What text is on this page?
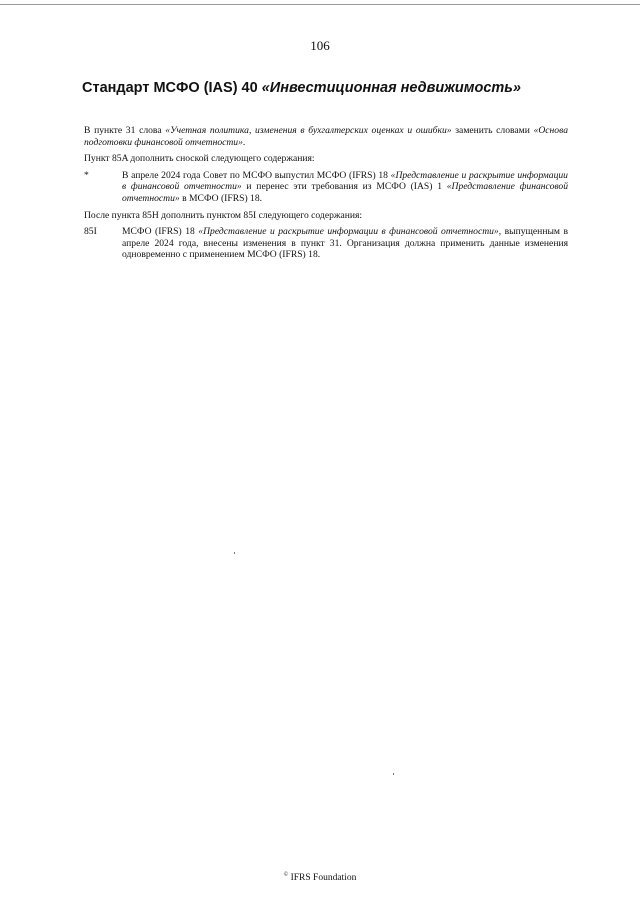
106
Стандарт МСФО (IAS) 40 «Инвестиционная недвижимость»

В пункте 31 слова «Учетная политика, изменения в бухгалтерских оценках и ошибки» заменить словами «Основа подготовки финансовой отчетности».

Пункт 85A дополнить сноской следующего содержания:

*	В апреле 2024 года Совет по МСФО выпустил МСФО (IFRS) 18 «Представление и раскрытие информации в финансовой отчетности» и перенес эти требования из МСФО (IAS) 1 «Представление финансовой отчетности» в МСФО (IFRS) 18.

После пункта 85H дополнить пунктом 85I следующего содержания:

85I	МСФО (IFRS) 18 «Представление и раскрытие информации в финансовой отчетности», выпущенным в апреле 2024 года, внесены изменения в пункт 31. Организация должна применить данные изменения одновременно с применением МСФО (IFRS) 18.
© IFRS Foundation
